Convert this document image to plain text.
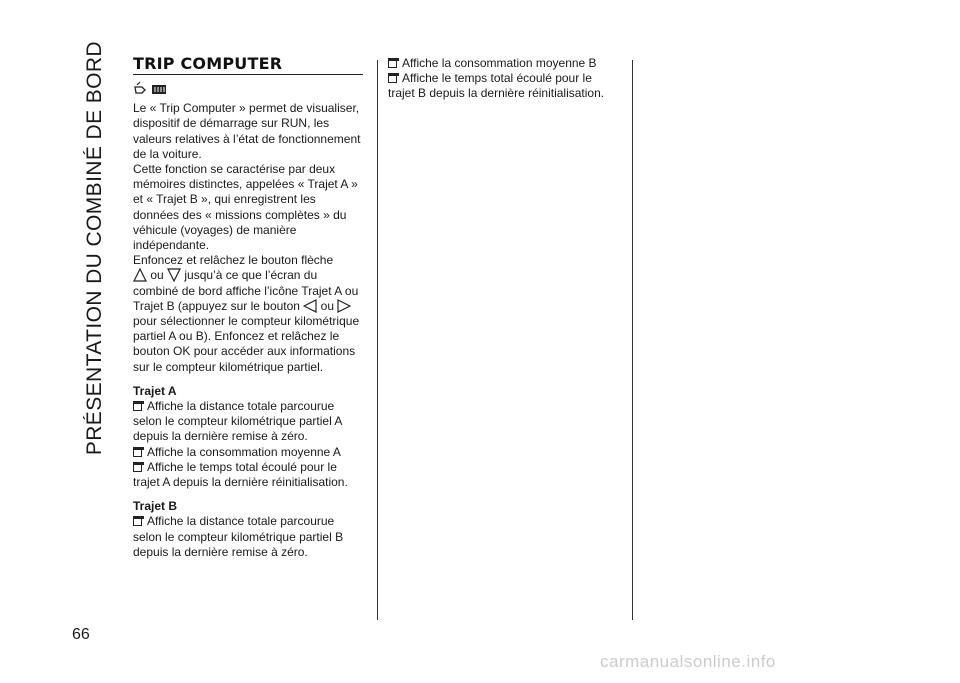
PRÉSENTATION DU COMBINÉ DE BORD
66
TRIP COMPUTER

Le « Trip Computer » permet de visualiser, dispositif de démarrage sur RUN, les valeurs relatives à l’état de fonctionnement de la voiture.

Cette fonction se caractérise par deux mémoires distinctes, appelées « Trajet A » et « Trajet B », qui enregistrent les données des « missions complètes » du véhicule (voyages) de manière indépendante.

Enfoncez et relâchez le bouton flèche
ou jusqu’à ce que l’écran du combiné de bord affiche l’icône Trajet A ou Trajet B (appuyez sur le bouton ou  pour sélectionner le compteur kilométrique partiel A ou B). Enfoncez et relâchez le bouton OK pour accéder aux informations sur le compteur kilométrique partiel.

Trajet A

Affiche la distance totale parcourue selon le compteur kilométrique partiel A depuis la dernière remise à zéro.

Affiche la consommation moyenne A

Affiche le temps total écoulé pour le trajet A depuis la dernière réinitialisation.

Trajet B

Affiche la distance totale parcourue selon le compteur kilométrique partiel B depuis la dernière remise à zéro.

Affiche la consommation moyenne B

Affiche le temps total écoulé pour le trajet B depuis la dernière réinitialisation.

carmanualsonline.info
